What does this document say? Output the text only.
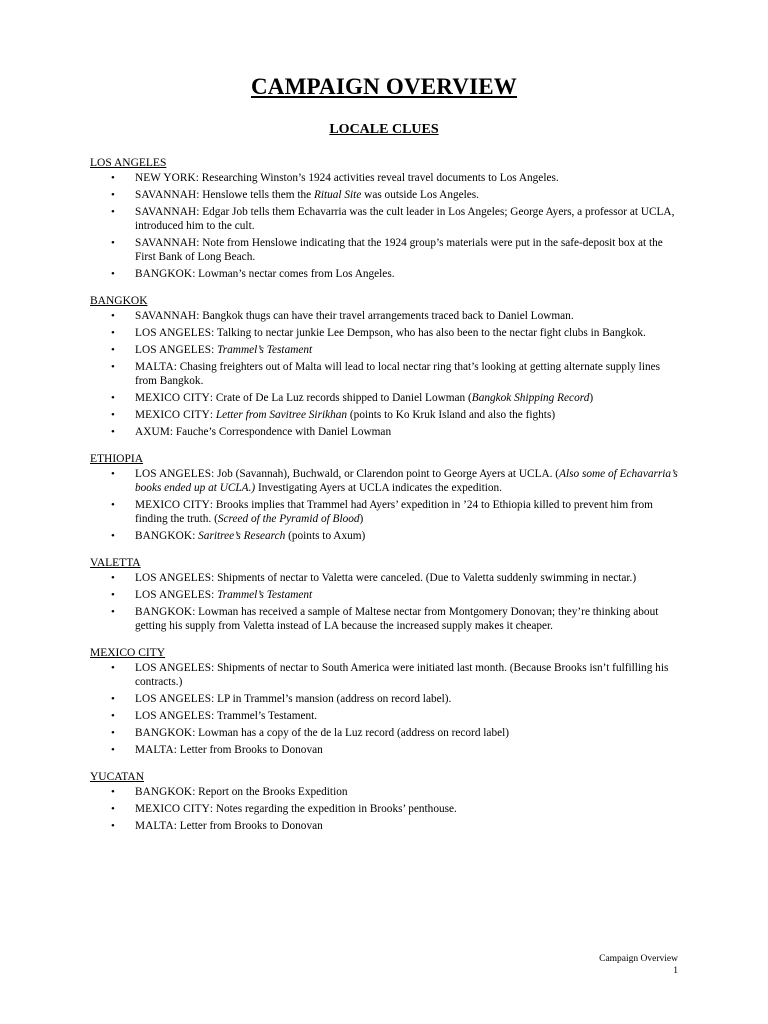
CAMPAIGN OVERVIEW
LOCALE CLUES
LOS ANGELES
• NEW YORK: Researching Winston’s 1924 activities reveal travel documents to Los Angeles.
• SAVANNAH: Henslowe tells them the Ritual Site was outside Los Angeles.
• SAVANNAH: Edgar Job tells them Echavarria was the cult leader in Los Angeles; George Ayers, a professor at UCLA, introduced him to the cult.
• SAVANNAH: Note from Henslowe indicating that the 1924 group’s materials were put in the safe-deposit box at the First Bank of Long Beach.
• BANGKOK: Lowman’s nectar comes from Los Angeles.
BANGKOK
• SAVANNAH: Bangkok thugs can have their travel arrangements traced back to Daniel Lowman.
• LOS ANGELES: Talking to nectar junkie Lee Dempson, who has also been to the nectar fight clubs in Bangkok.
• LOS ANGELES: Trammel’s Testament
• MALTA: Chasing freighters out of Malta will lead to local nectar ring that’s looking at getting alternate supply lines from Bangkok.
• MEXICO CITY: Crate of De La Luz records shipped to Daniel Lowman (Bangkok Shipping Record)
• MEXICO CITY: Letter from Savitree Sirikhan (points to Ko Kruk Island and also the fights)
• AXUM: Fauche’s Correspondence with Daniel Lowman
ETHIOPIA
• LOS ANGELES: Job (Savannah), Buchwald, or Clarendon point to George Ayers at UCLA. (Also some of Echavarria’s books ended up at UCLA.) Investigating Ayers at UCLA indicates the expedition.
• MEXICO CITY: Brooks implies that Trammel had Ayers’ expedition in ’24 to Ethiopia killed to prevent him from finding the truth. (Screed of the Pyramid of Blood)
• BANGKOK: Saritree’s Research (points to Axum)
VALETTA
• LOS ANGELES: Shipments of nectar to Valetta were canceled. (Due to Valetta suddenly swimming in nectar.)
• LOS ANGELES: Trammel’s Testament
• BANGKOK: Lowman has received a sample of Maltese nectar from Montgomery Donovan; they’re thinking about getting his supply from Valetta instead of LA because the increased supply makes it cheaper.
MEXICO CITY
• LOS ANGELES: Shipments of nectar to South America were initiated last month. (Because Brooks isn’t fulfilling his contracts.)
• LOS ANGELES: LP in Trammel’s mansion (address on record label).
• LOS ANGELES: Trammel’s Testament.
• BANGKOK: Lowman has a copy of the de la Luz record (address on record label)
• MALTA: Letter from Brooks to Donovan
YUCATAN
• BANGKOK: Report on the Brooks Expedition
• MEXICO CITY: Notes regarding the expedition in Brooks’ penthouse.
• MALTA: Letter from Brooks to Donovan
Campaign Overview
1
